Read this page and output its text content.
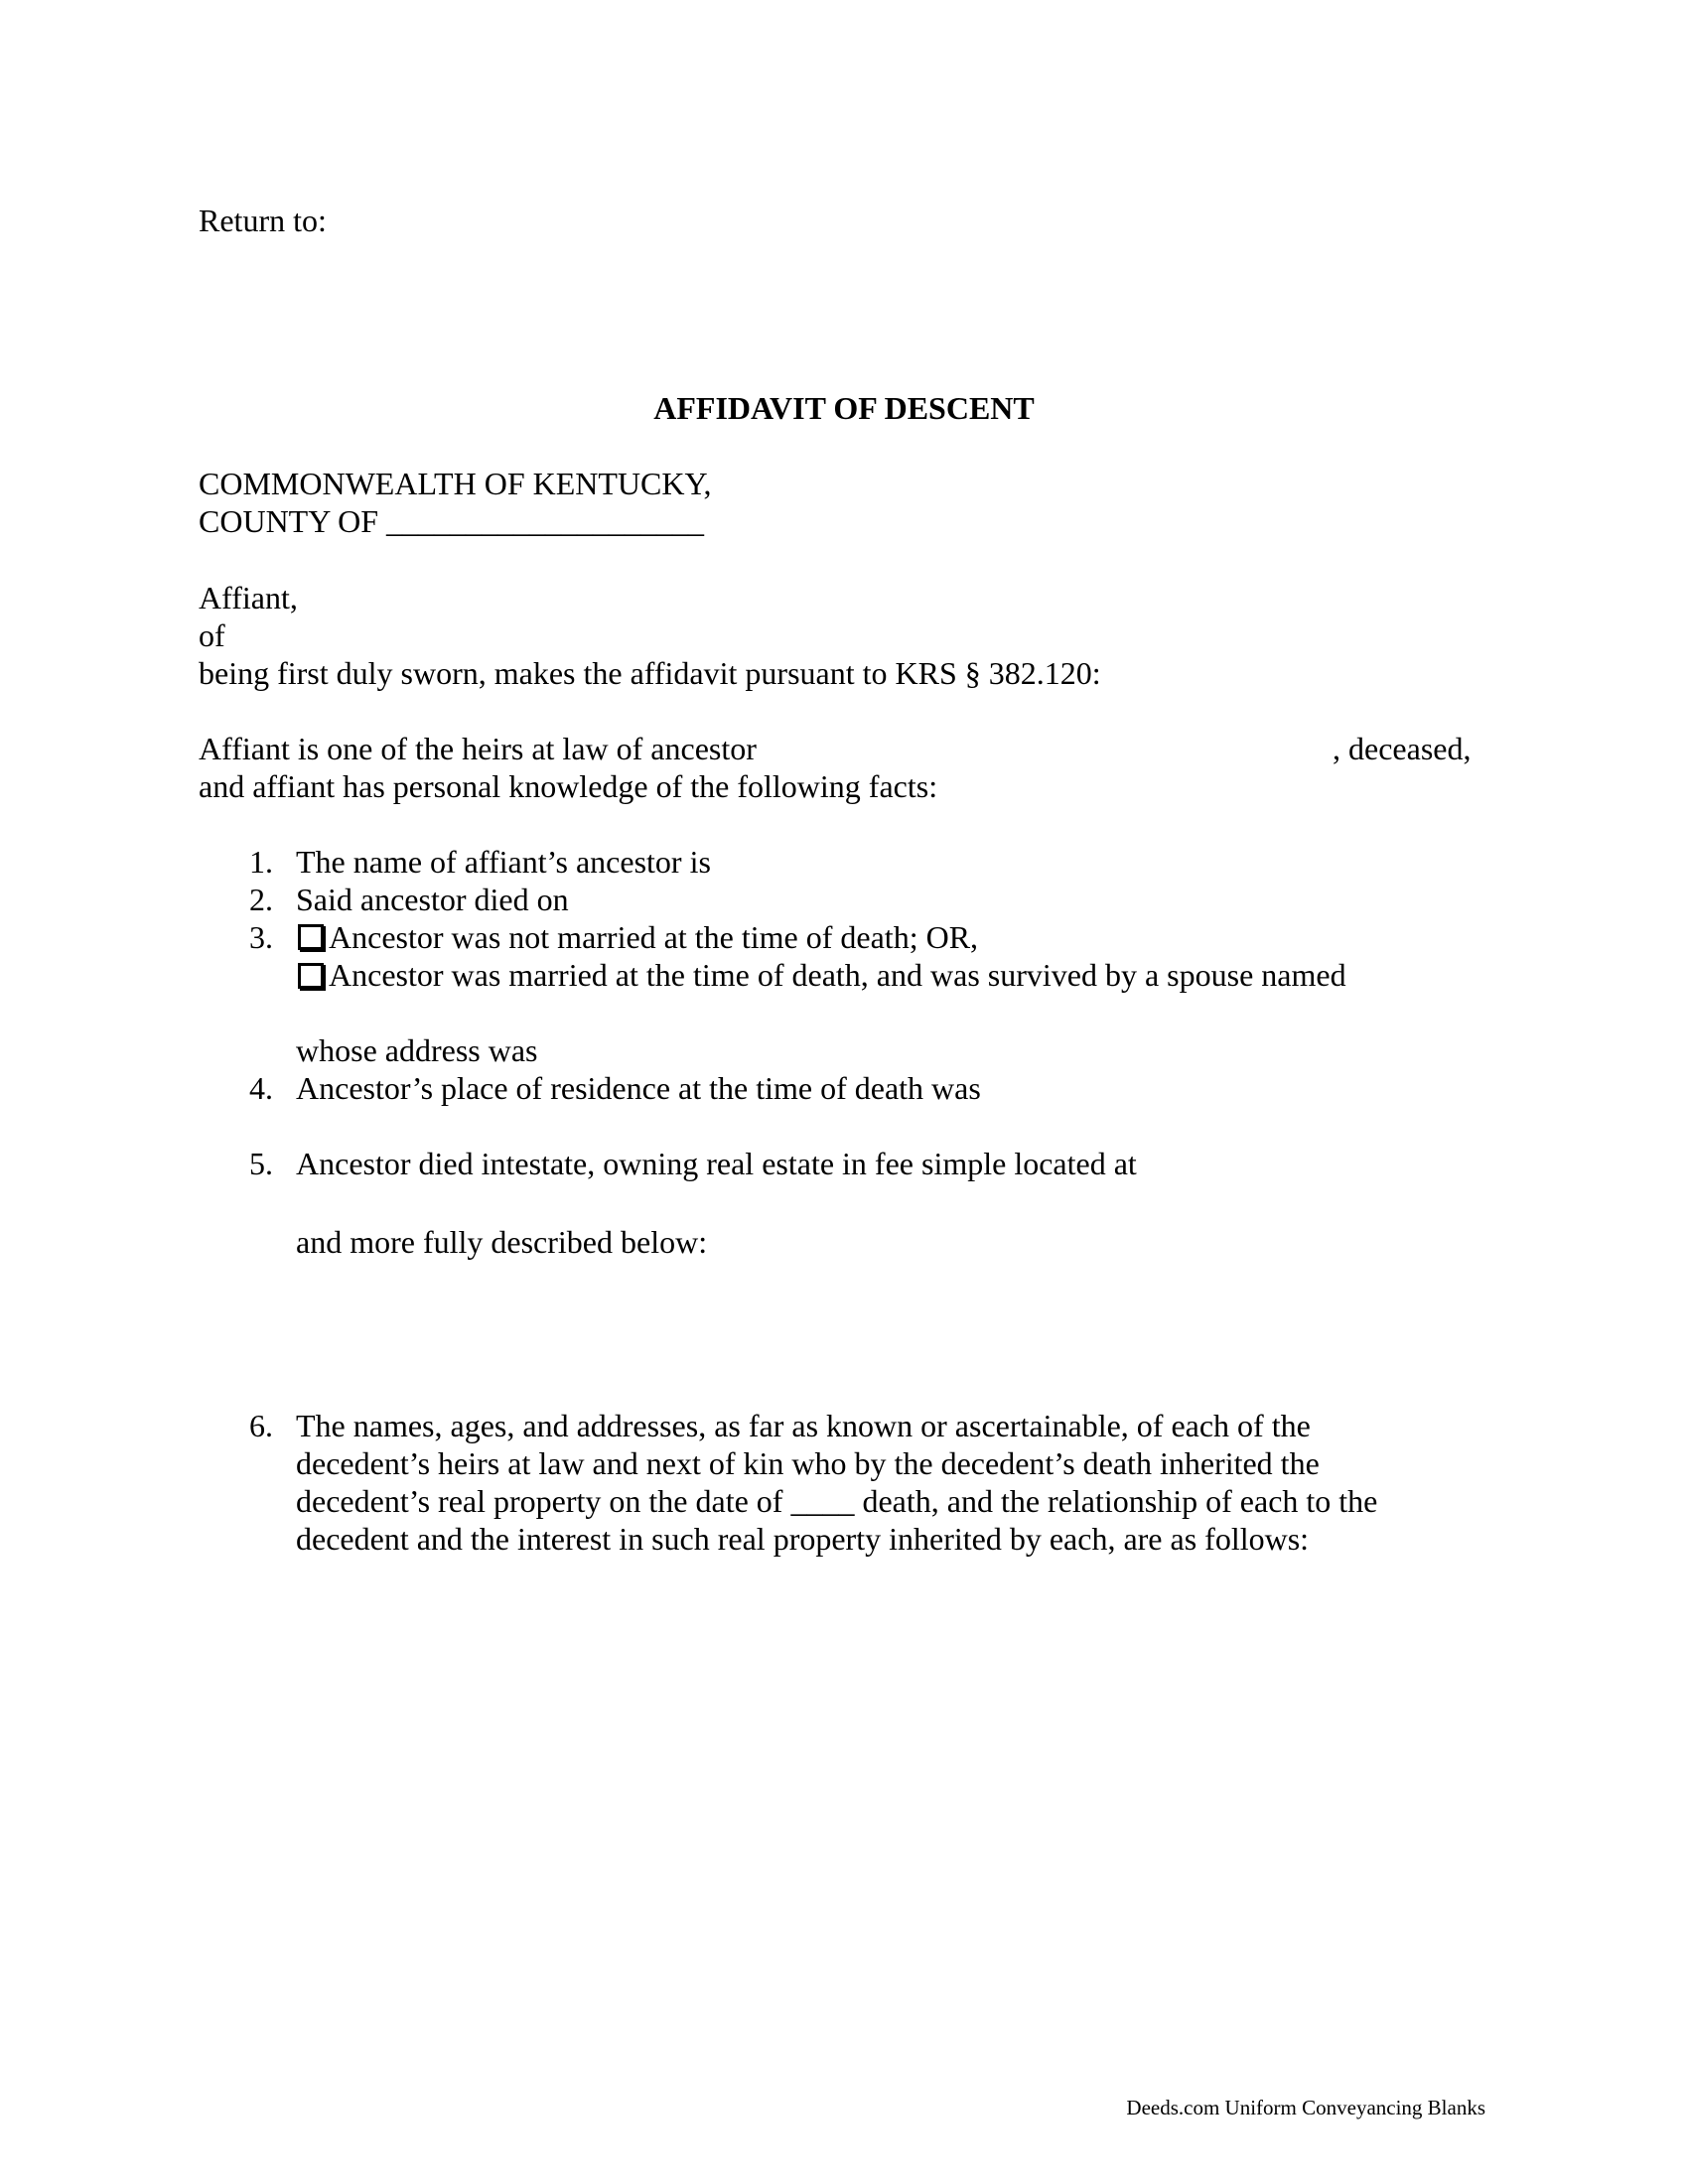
Return to:
AFFIDAVIT OF DESCENT
COMMONWEALTH OF KENTUCKY,
COUNTY OF ____________________
Affiant,
of
being first duly sworn, makes the affidavit pursuant to KRS § 382.120:
Affiant is one of the heirs at law of ancestor	, deceased,
and affiant has personal knowledge of the following facts:
1. The name of affiant’s ancestor is
2. Said ancestor died on
3. Ancestor was not married at the time of death; OR,
Ancestor was married at the time of death, and was survived by a spouse named
whose address was
4. Ancestor’s place of residence at the time of death was
5. Ancestor died intestate, owning real estate in fee simple located at
and more fully described below:
6. The names, ages, and addresses, as far as known or ascertainable, of each of the
decedent’s heirs at law and next of kin who by the decedent’s death inherited the
decedent’s real property on the date of ____ death, and the relationship of each to the
decedent and the interest in such real property inherited by each, are as follows:
Deeds.com Uniform Conveyancing Blanks
